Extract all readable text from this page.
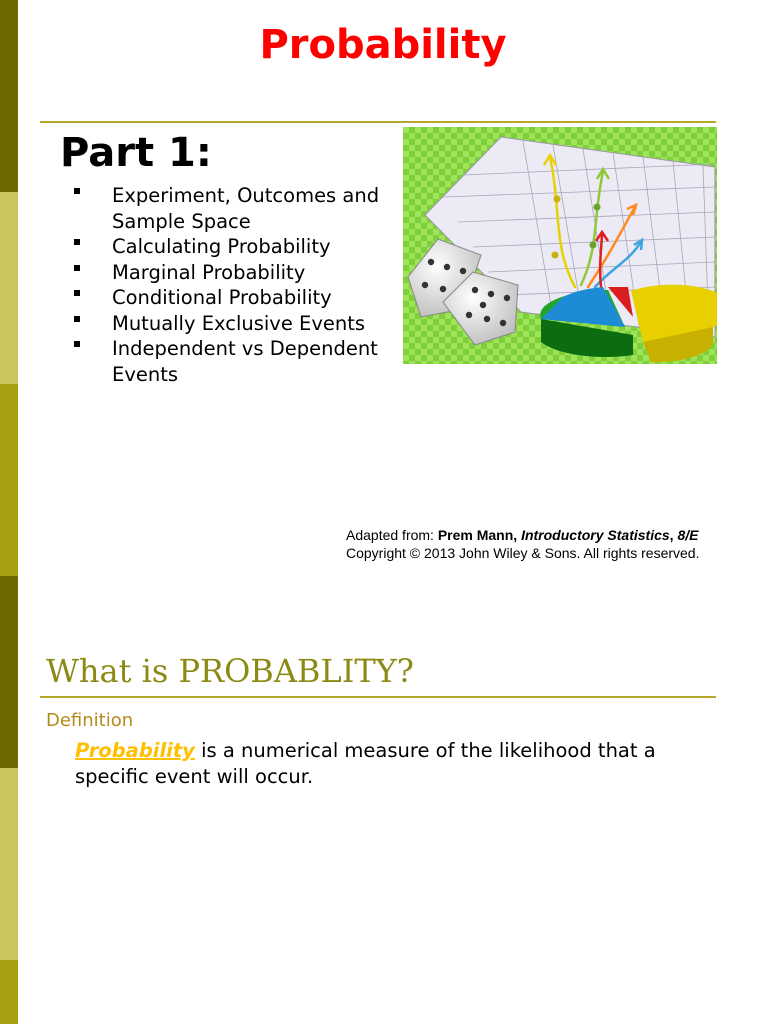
Probability
Part 1:
Experiment, Outcomes and Sample Space
Calculating Probability
Marginal Probability
Conditional Probability
Mutually Exclusive Events
Independent vs Dependent Events
Adapted from: Prem Mann, Introductory Statistics, 8/E
Copyright © 2013 John Wiley & Sons. All rights reserved.
What is PROBABLITY?
Definition
Probability is a numerical measure of the likelihood that a specific event will occur.
